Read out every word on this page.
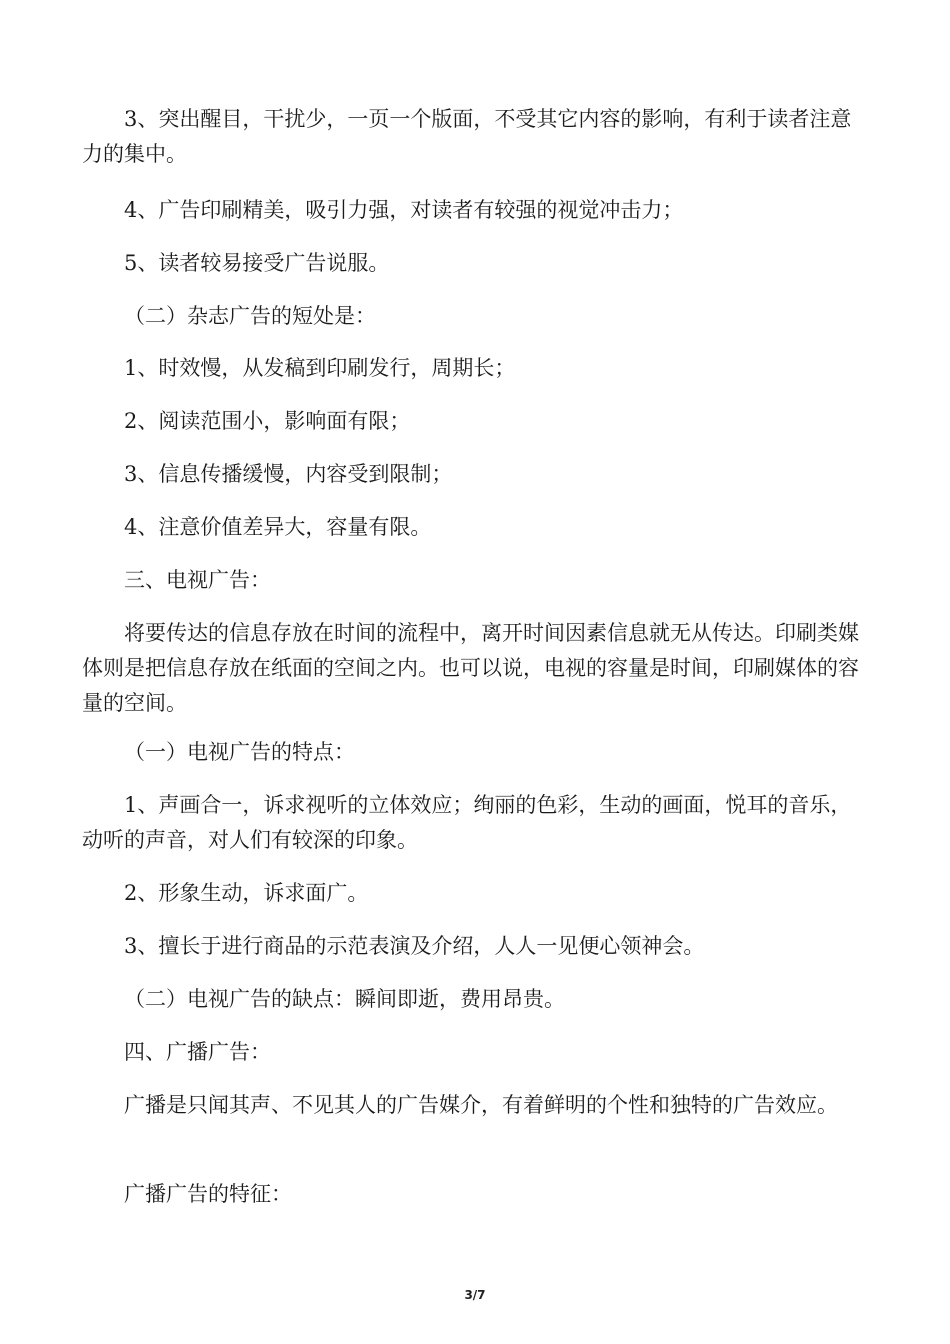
3、突出醒目，干扰少，一页一个版面，不受其它内容的影响，有利于读者注意力的集中。

4、广告印刷精美，吸引力强，对读者有较强的视觉冲击力；

5、读者较易接受广告说服。

（二）杂志广告的短处是：

1、时效慢，从发稿到印刷发行，周期长；

2、阅读范围小，影响面有限；

3、信息传播缓慢，内容受到限制；

4、注意价值差异大，容量有限。

三、电视广告：

将要传达的信息存放在时间的流程中，离开时间因素信息就无从传达。印刷类媒体则是把信息存放在纸面的空间之内。也可以说，电视的容量是时间，印刷媒体的容量的空间。

（一）电视广告的特点：

1、声画合一，诉求视听的立体效应；绚丽的色彩，生动的画面，悦耳的音乐，动听的声音，对人们有较深的印象。

2、形象生动，诉求面广。

3、擅长于进行商品的示范表演及介绍，人人一见便心领神会。

（二）电视广告的缺点：瞬间即逝，费用昂贵。

四、广播广告：

广播是只闻其声、不见其人的广告媒介，有着鲜明的个性和独特的广告效应。

广播广告的特征：

3/7
